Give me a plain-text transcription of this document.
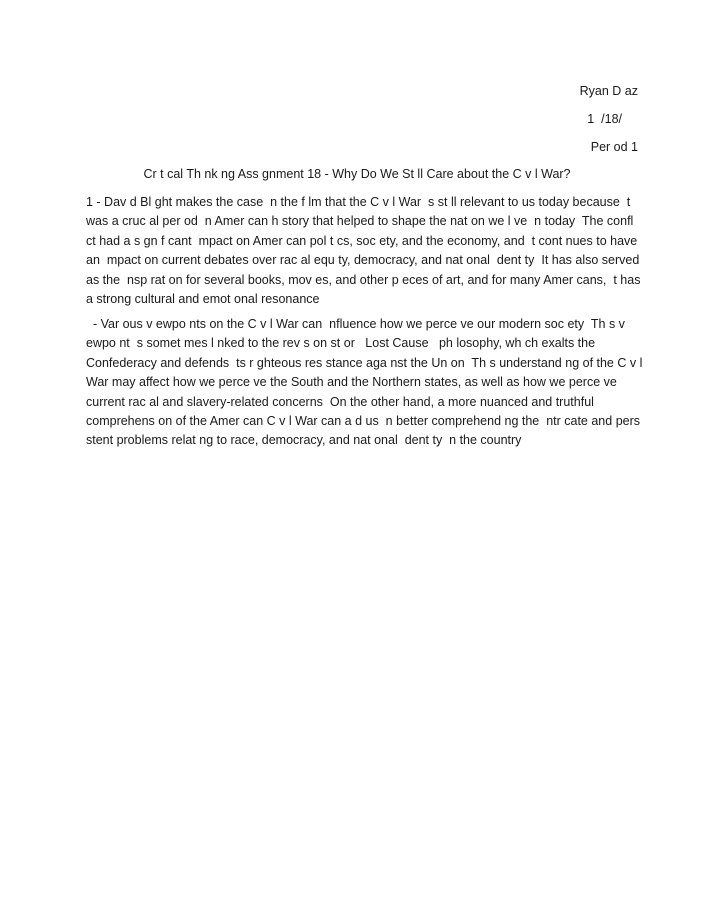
Ryan D az
1  /18/
Per od 1
Cr t cal Th nk ng Ass gnment 18 - Why Do We St ll Care about the C v l War?
1 - Dav d Bl ght makes the case  n the f lm that the C v l War  s st ll relevant to us today because  t was a cruc al per od  n Amer can h story that helped to shape the nat on we l ve  n today  The confl ct had a s gn f cant  mpact on Amer can pol t cs, soc ety, and the economy, and  t cont nues to have an  mpact on current debates over rac al equ ty, democracy, and nat onal  dent ty  It has also served as the  nsp rat on for several books, mov es, and other p eces of art, and for many Amer cans,  t has a strong cultural and emot onal resonance
- Var ous v ewpo nts on the C v l War can  nfluence how we perce ve our modern soc ety  Th s v ewpo nt  s somet mes l nked to the rev s on st or   Lost Cause   ph losophy, wh ch exalts the Confederacy and defends  ts r ghteous res stance aga nst the Un on  Th s understand ng of the C v l War may affect how we perce ve the South and the Northern states, as well as how we perce ve current rac al and slavery-related concerns  On the other hand, a more nuanced and truthful comprehens on of the Amer can C v l War can a d us  n better comprehend ng the  ntr cate and pers stent problems relat ng to race, democracy, and nat onal  dent ty  n the country
